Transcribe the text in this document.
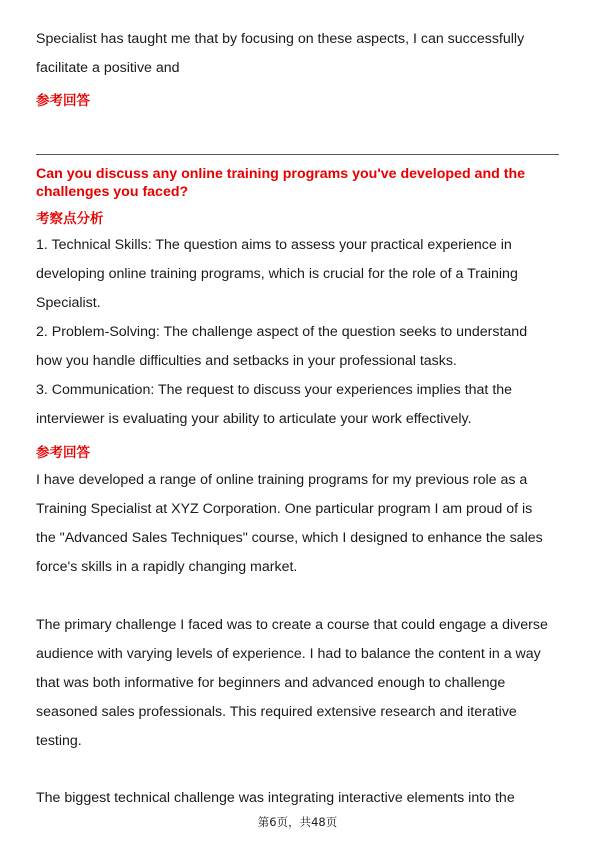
Specialist has taught me that by focusing on these aspects, I can successfully
facilitate a positive and
参考回答
Can you discuss any online training programs you've developed and the
challenges you faced?
考察点分析
1. Technical Skills: The question aims to assess your practical experience in
developing online training programs, which is crucial for the role of a Training
Specialist.
2. Problem-Solving: The challenge aspect of the question seeks to understand
how you handle difficulties and setbacks in your professional tasks.
3. Communication: The request to discuss your experiences implies that the
interviewer is evaluating your ability to articulate your work effectively.
参考回答
I have developed a range of online training programs for my previous role as a
Training Specialist at XYZ Corporation. One particular program I am proud of is
the "Advanced Sales Techniques" course, which I designed to enhance the sales
force's skills in a rapidly changing market.
The primary challenge I faced was to create a course that could engage a diverse
audience with varying levels of experience. I had to balance the content in a way
that was both informative for beginners and advanced enough to challenge
seasoned sales professionals. This required extensive research and iterative
testing.
The biggest technical challenge was integrating interactive elements into the
第6页，共48页
